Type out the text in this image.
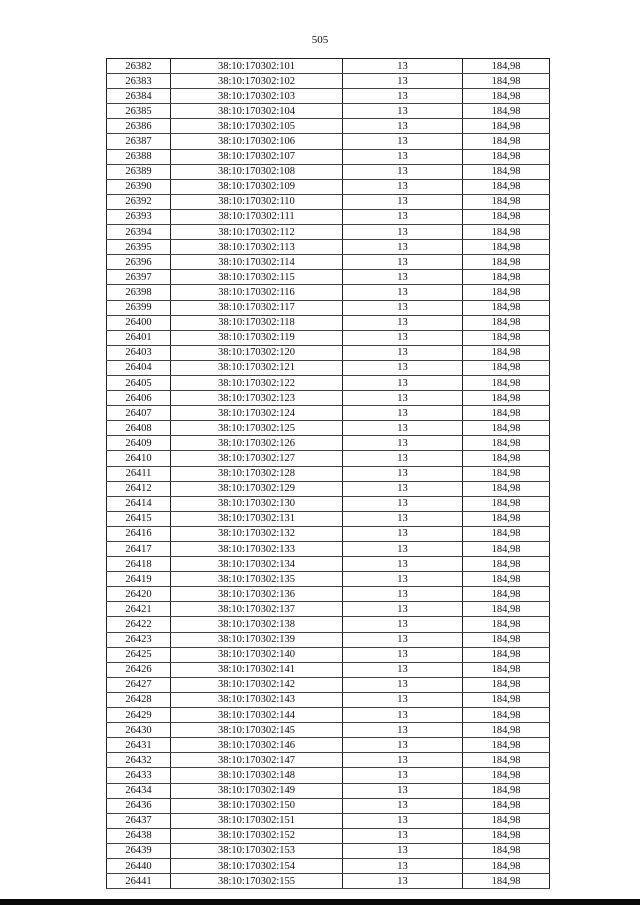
505
26382	38:10:170302:101	13	184,98
26383	38:10:170302:102	13	184,98
26384	38:10:170302:103	13	184,98
26385	38:10:170302:104	13	184,98
26386	38:10:170302:105	13	184,98
26387	38:10:170302:106	13	184,98
26388	38:10:170302:107	13	184,98
26389	38:10:170302:108	13	184,98
26390	38:10:170302:109	13	184,98
26392	38:10:170302:110	13	184,98
26393	38:10:170302:111	13	184,98
26394	38:10:170302:112	13	184,98
26395	38:10:170302:113	13	184,98
26396	38:10:170302:114	13	184,98
26397	38:10:170302:115	13	184,98
26398	38:10:170302:116	13	184,98
26399	38:10:170302:117	13	184,98
26400	38:10:170302:118	13	184,98
26401	38:10:170302:119	13	184,98
26403	38:10:170302:120	13	184,98
26404	38:10:170302:121	13	184,98
26405	38:10:170302:122	13	184,98
26406	38:10:170302:123	13	184,98
26407	38:10:170302:124	13	184,98
26408	38:10:170302:125	13	184,98
26409	38:10:170302:126	13	184,98
26410	38:10:170302:127	13	184,98
26411	38:10:170302:128	13	184,98
26412	38:10:170302:129	13	184,98
26414	38:10:170302:130	13	184,98
26415	38:10:170302:131	13	184,98
26416	38:10:170302:132	13	184,98
26417	38:10:170302:133	13	184,98
26418	38:10:170302:134	13	184,98
26419	38:10:170302:135	13	184,98
26420	38:10:170302:136	13	184,98
26421	38:10:170302:137	13	184,98
26422	38:10:170302:138	13	184,98
26423	38:10:170302:139	13	184,98
26425	38:10:170302:140	13	184,98
26426	38:10:170302:141	13	184,98
26427	38:10:170302:142	13	184,98
26428	38:10:170302:143	13	184,98
26429	38:10:170302:144	13	184,98
26430	38:10:170302:145	13	184,98
26431	38:10:170302:146	13	184,98
26432	38:10:170302:147	13	184,98
26433	38:10:170302:148	13	184,98
26434	38:10:170302:149	13	184,98
26436	38:10:170302:150	13	184,98
26437	38:10:170302:151	13	184,98
26438	38:10:170302:152	13	184,98
26439	38:10:170302:153	13	184,98
26440	38:10:170302:154	13	184,98
26441	38:10:170302:155	13	184,98
